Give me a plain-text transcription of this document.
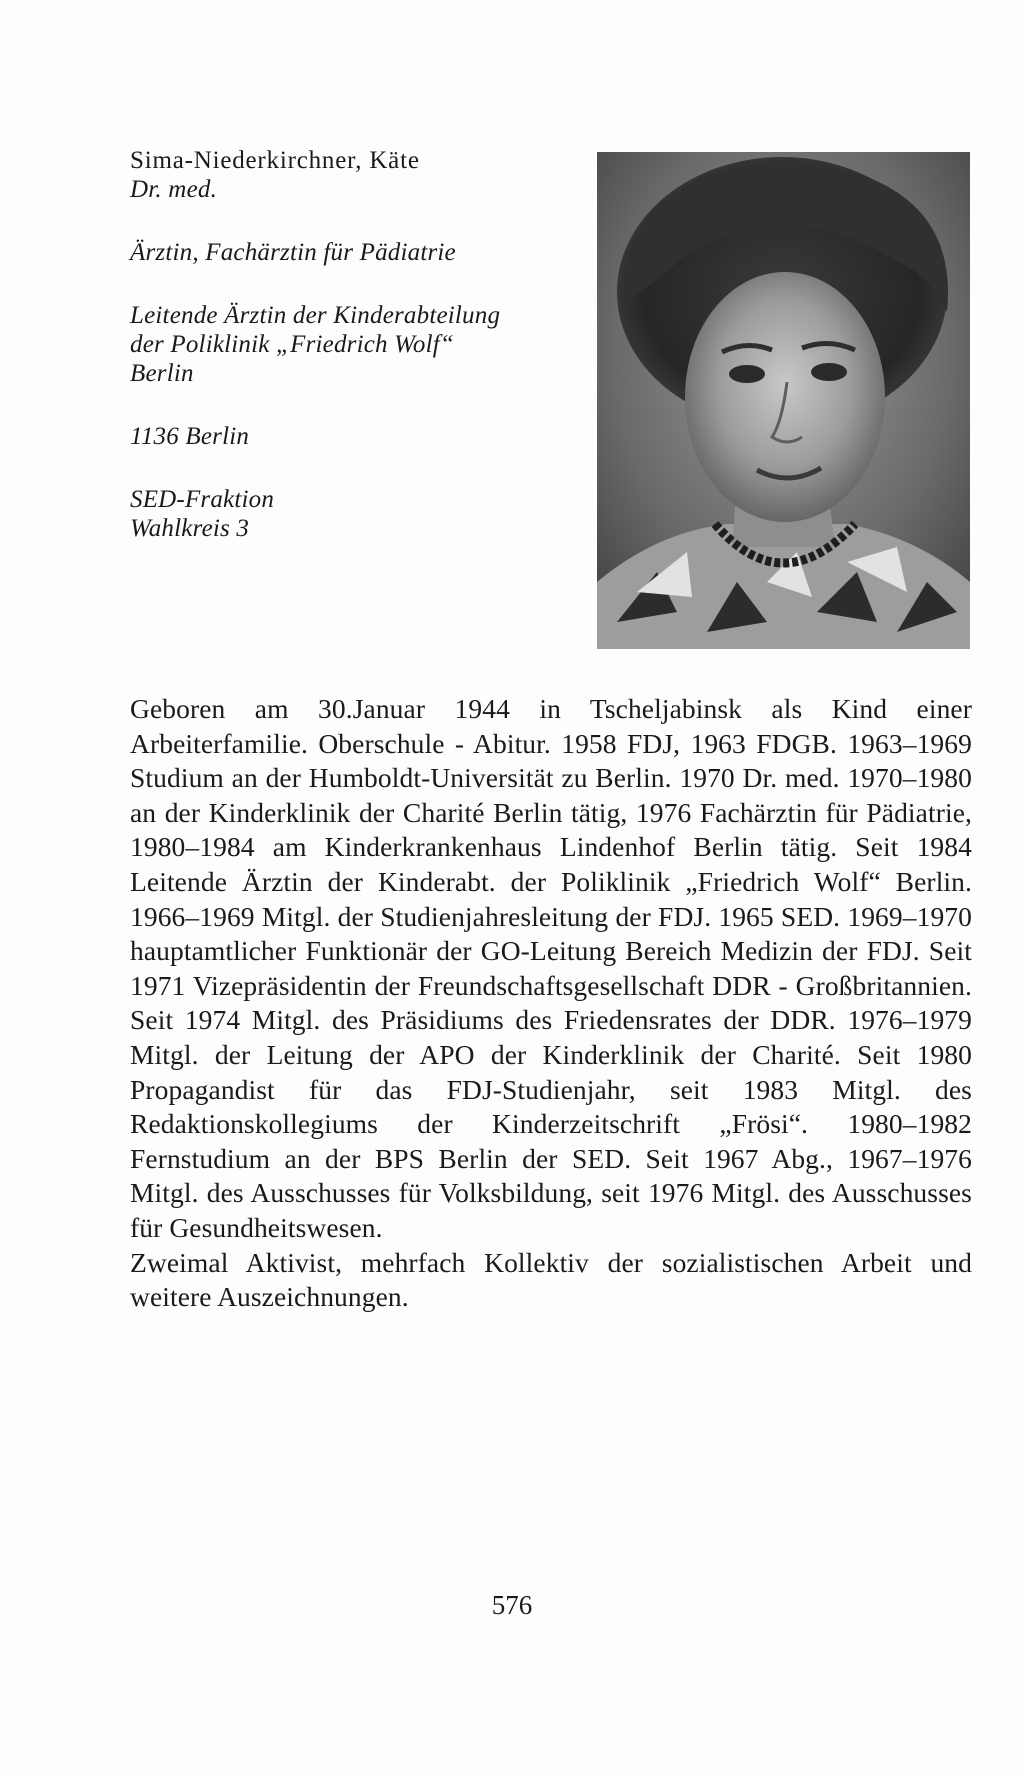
Sima-Niederkirchner, Käte
Dr. med.
Ärztin, Fachärztin für Pädiatrie
Leitende Ärztin der Kinderabteilung
der Poliklinik „Friedrich Wolf“
Berlin
1136 Berlin
SED-Fraktion
Wahlkreis 3

Geboren am 30.Januar 1944 in Tscheljabinsk als Kind einer Arbeiterfamilie. Oberschule - Abitur. 1958 FDJ, 1963 FDGB. 1963–1969 Studium an der Humboldt-Universität zu Berlin. 1970 Dr. med. 1970–1980 an der Kinderklinik der Charité Berlin tätig, 1976 Fachärztin für Pädiatrie, 1980–1984 am Kinderkrankenhaus Lindenhof Berlin tätig. Seit 1984 Leitende Ärztin der Kinderabt. der Poliklinik „Friedrich Wolf“ Berlin. 1966–1969 Mitgl. der Studienjahresleitung der FDJ. 1965 SED. 1969–1970 hauptamtlicher Funktionär der GO-Leitung Bereich Medizin der FDJ. Seit 1971 Vizepräsidentin der Freundschaftsgesellschaft DDR - Großbritannien. Seit 1974 Mitgl. des Präsidiums des Friedensrates der DDR. 1976–1979 Mitgl. der Leitung der APO der Kinderklinik der Charité. Seit 1980 Propagandist für das FDJ-Studienjahr, seit 1983 Mitgl. des Redaktionskollegiums der Kinderzeitschrift „Frösi“. 1980–1982 Fernstudium an der BPS Berlin der SED. Seit 1967 Abg., 1967–1976 Mitgl. des Ausschusses für Volksbildung, seit 1976 Mitgl. des Ausschusses für Gesundheitswesen.

Zweimal Aktivist, mehrfach Kollektiv der sozialistischen Arbeit und weitere Auszeichnungen.

576
